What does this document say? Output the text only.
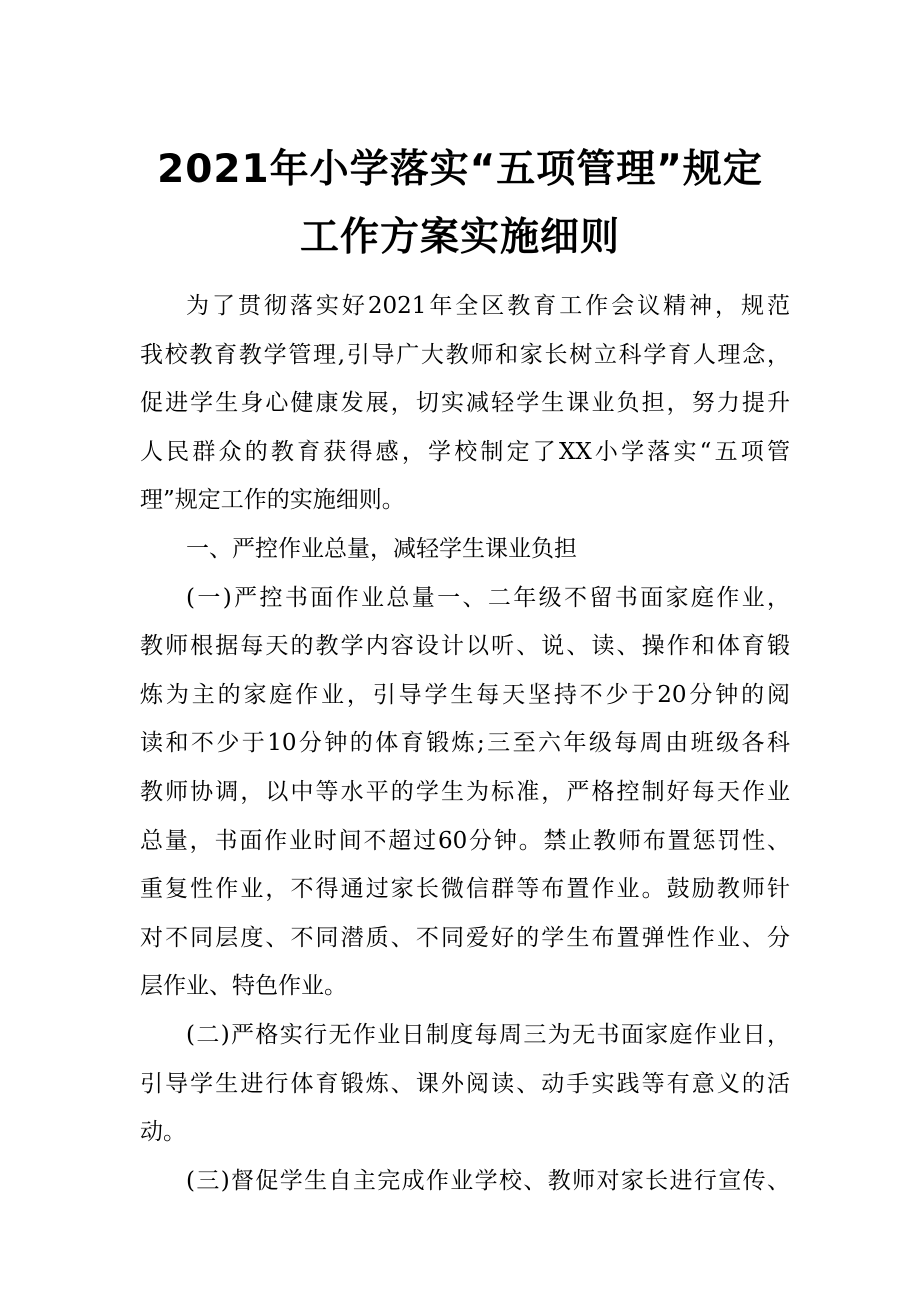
2021年小学落实“五项管理”规定
工作方案实施细则
为了贯彻落实好2021年全区教育工作会议精神，规范
我校教育教学管理,引导广大教师和家长树立科学育人理念，
促进学生身心健康发展，切实减轻学生课业负担，努力提升
人民群众的教育获得感，学校制定了XX小学落实“五项管
理”规定工作的实施细则。
一、严控作业总量，减轻学生课业负担
(一)严控书面作业总量一、二年级不留书面家庭作业，
教师根据每天的教学内容设计以听、说、读、操作和体育锻
炼为主的家庭作业，引导学生每天坚持不少于20分钟的阅
读和不少于10分钟的体育锻炼;三至六年级每周由班级各科
教师协调，以中等水平的学生为标准，严格控制好每天作业
总量，书面作业时间不超过60分钟。禁止教师布置惩罚性、
重复性作业，不得通过家长微信群等布置作业。鼓励教师针
对不同层度、不同潜质、不同爱好的学生布置弹性作业、分
层作业、特色作业。
(二)严格实行无作业日制度每周三为无书面家庭作业日，
引导学生进行体育锻炼、课外阅读、动手实践等有意义的活
动。
(三)督促学生自主完成作业学校、教师对家长进行宣传、
